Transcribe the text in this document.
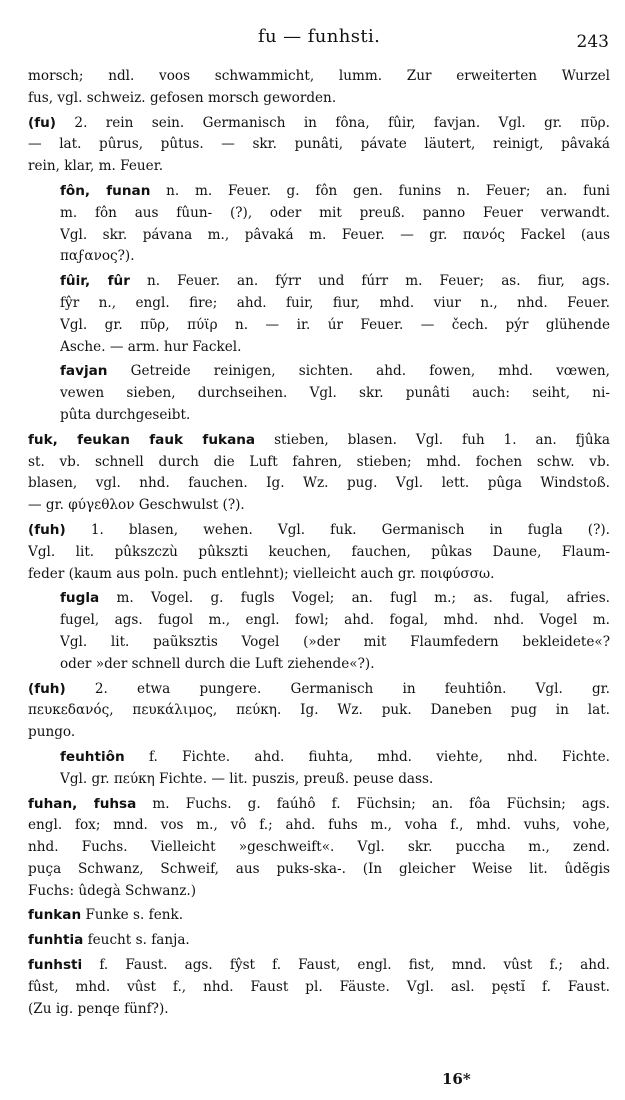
fu — funhsti.	243
morsch; ndl. voos schwammicht, lumm. Zur erweiterten Wurzel
fus, vgl. schweiz. gefosen morsch geworden.
(fu) 2. rein sein. Germanisch in fôna, fûir, favjan. Vgl. gr. πῦρ.
— lat. pûrus, pûtus. — skr. punâti, pávate läutert, reinigt, pâvaká
rein, klar, m. Feuer.
fôn, funan n. m. Feuer. g. fôn gen. funins n. Feuer; an. funi
m. fôn aus fûun- (?), oder mit preuß. panno Feuer verwandt.
Vgl. skr. pávana m., pâvaká m. Feuer. — gr. πανός Fackel (aus
παϝανος?).
fûir, fûr n. Feuer. an. fýrr und fúrr m. Feuer; as. fiur, ags.
fŷr n., engl. fire; ahd. fuir, fiur, mhd. viur n., nhd. Feuer.
Vgl. gr. πῦρ, πύϊρ n. — ir. úr Feuer. — čech. pýr glühende
Asche. — arm. hur Fackel.
favjan Getreide reinigen, sichten. ahd. fowen, mhd. vœwen,
vewen sieben, durchseihen. Vgl. skr. punâti auch: seiht, ni-
pûta durchgeseibt.
fuk, feukan fauk fukana stieben, blasen. Vgl. fuh 1. an. fjûka
st. vb. schnell durch die Luft fahren, stieben; mhd. fochen schw. vb.
blasen, vgl. nhd. fauchen. Ig. Wz. pug. Vgl. lett. pûga Windstoß.
— gr. φύγεθλον Geschwulst (?).
(fuh) 1. blasen, wehen. Vgl. fuk. Germanisch in fugla (?).
Vgl. lit. pûkszczù pûkszti keuchen, fauchen, pûkas Daune, Flaum-
feder (kaum aus poln. puch entlehnt); vielleicht auch gr. ποιφύσσω.
fugla m. Vogel. g. fugls Vogel; an. fugl m.; as. fugal, afries.
fugel, ags. fugol m., engl. fowl; ahd. fogal, mhd. nhd. Vogel m.
Vgl. lit. paũksztis Vogel (»der mit Flaumfedern bekleidete«?
oder »der schnell durch die Luft ziehende«?).
(fuh) 2. etwa pungere. Germanisch in feuhtiôn. Vgl. gr.
πευκεδανός, πευκάλιμος, πεύκη. Ig. Wz. puk. Daneben pug in lat.
pungo.
feuhtiôn f. Fichte. ahd. fiuhta, mhd. viehte, nhd. Fichte.
Vgl. gr. πεύκη Fichte. — lit. puszis, preuß. peuse dass.
fuhan, fuhsa m. Fuchs. g. faúhô f. Füchsin; an. fôa Füchsin; ags.
engl. fox; mnd. vos m., vô f.; ahd. fuhs m., voha f., mhd. vuhs, vohe,
nhd. Fuchs. Vielleicht »geschweift«. Vgl. skr. puccha m., zend.
puça Schwanz, Schweif, aus puks-ska-. (In gleicher Weise lit. ûdẽgis
Fuchs: ûdegà Schwanz.)
funkan Funke s. fenk.
funhtia feucht s. fanja.
funhsti f. Faust. ags. fŷst f. Faust, engl. fist, mnd. vûst f.; ahd.
fûst, mhd. vûst f., nhd. Faust pl. Fäuste. Vgl. asl. pęstĭ f. Faust.
(Zu ig. penqe fünf?).
16*
